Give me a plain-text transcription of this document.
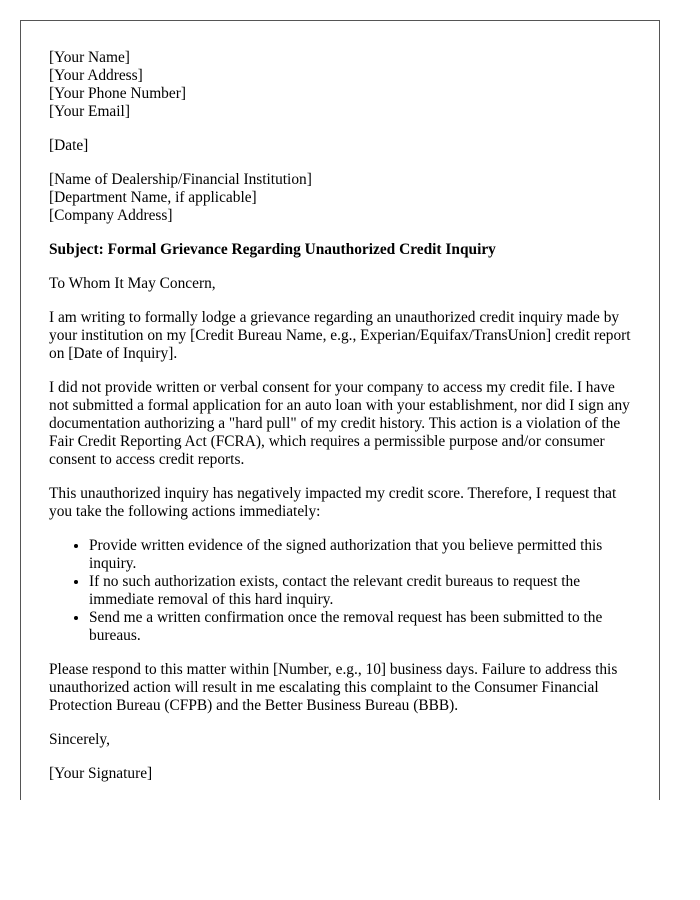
[Your Name]
[Your Address]
[Your Phone Number]
[Your Email]
[Date]
[Name of Dealership/Financial Institution]
[Department Name, if applicable]
[Company Address]

Subject: Formal Grievance Regarding Unauthorized Credit Inquiry

To Whom It May Concern,

I am writing to formally lodge a grievance regarding an unauthorized credit inquiry made by your institution on my [Credit Bureau Name, e.g., Experian/Equifax/TransUnion] credit report on [Date of Inquiry].

I did not provide written or verbal consent for your company to access my credit file. I have not submitted a formal application for an auto loan with your establishment, nor did I sign any documentation authorizing a "hard pull" of my credit history. This action is a violation of the Fair Credit Reporting Act (FCRA), which requires a permissible purpose and/or consumer consent to access credit reports.

This unauthorized inquiry has negatively impacted my credit score. Therefore, I request that you take the following actions immediately:

• Provide written evidence of the signed authorization that you believe permitted this inquiry.
• If no such authorization exists, contact the relevant credit bureaus to request the immediate removal of this hard inquiry.
• Send me a written confirmation once the removal request has been submitted to the bureaus.

Please respond to this matter within [Number, e.g., 10] business days. Failure to address this unauthorized action will result in me escalating this complaint to the Consumer Financial Protection Bureau (CFPB) and the Better Business Bureau (BBB).

Sincerely,

[Your Signature]
